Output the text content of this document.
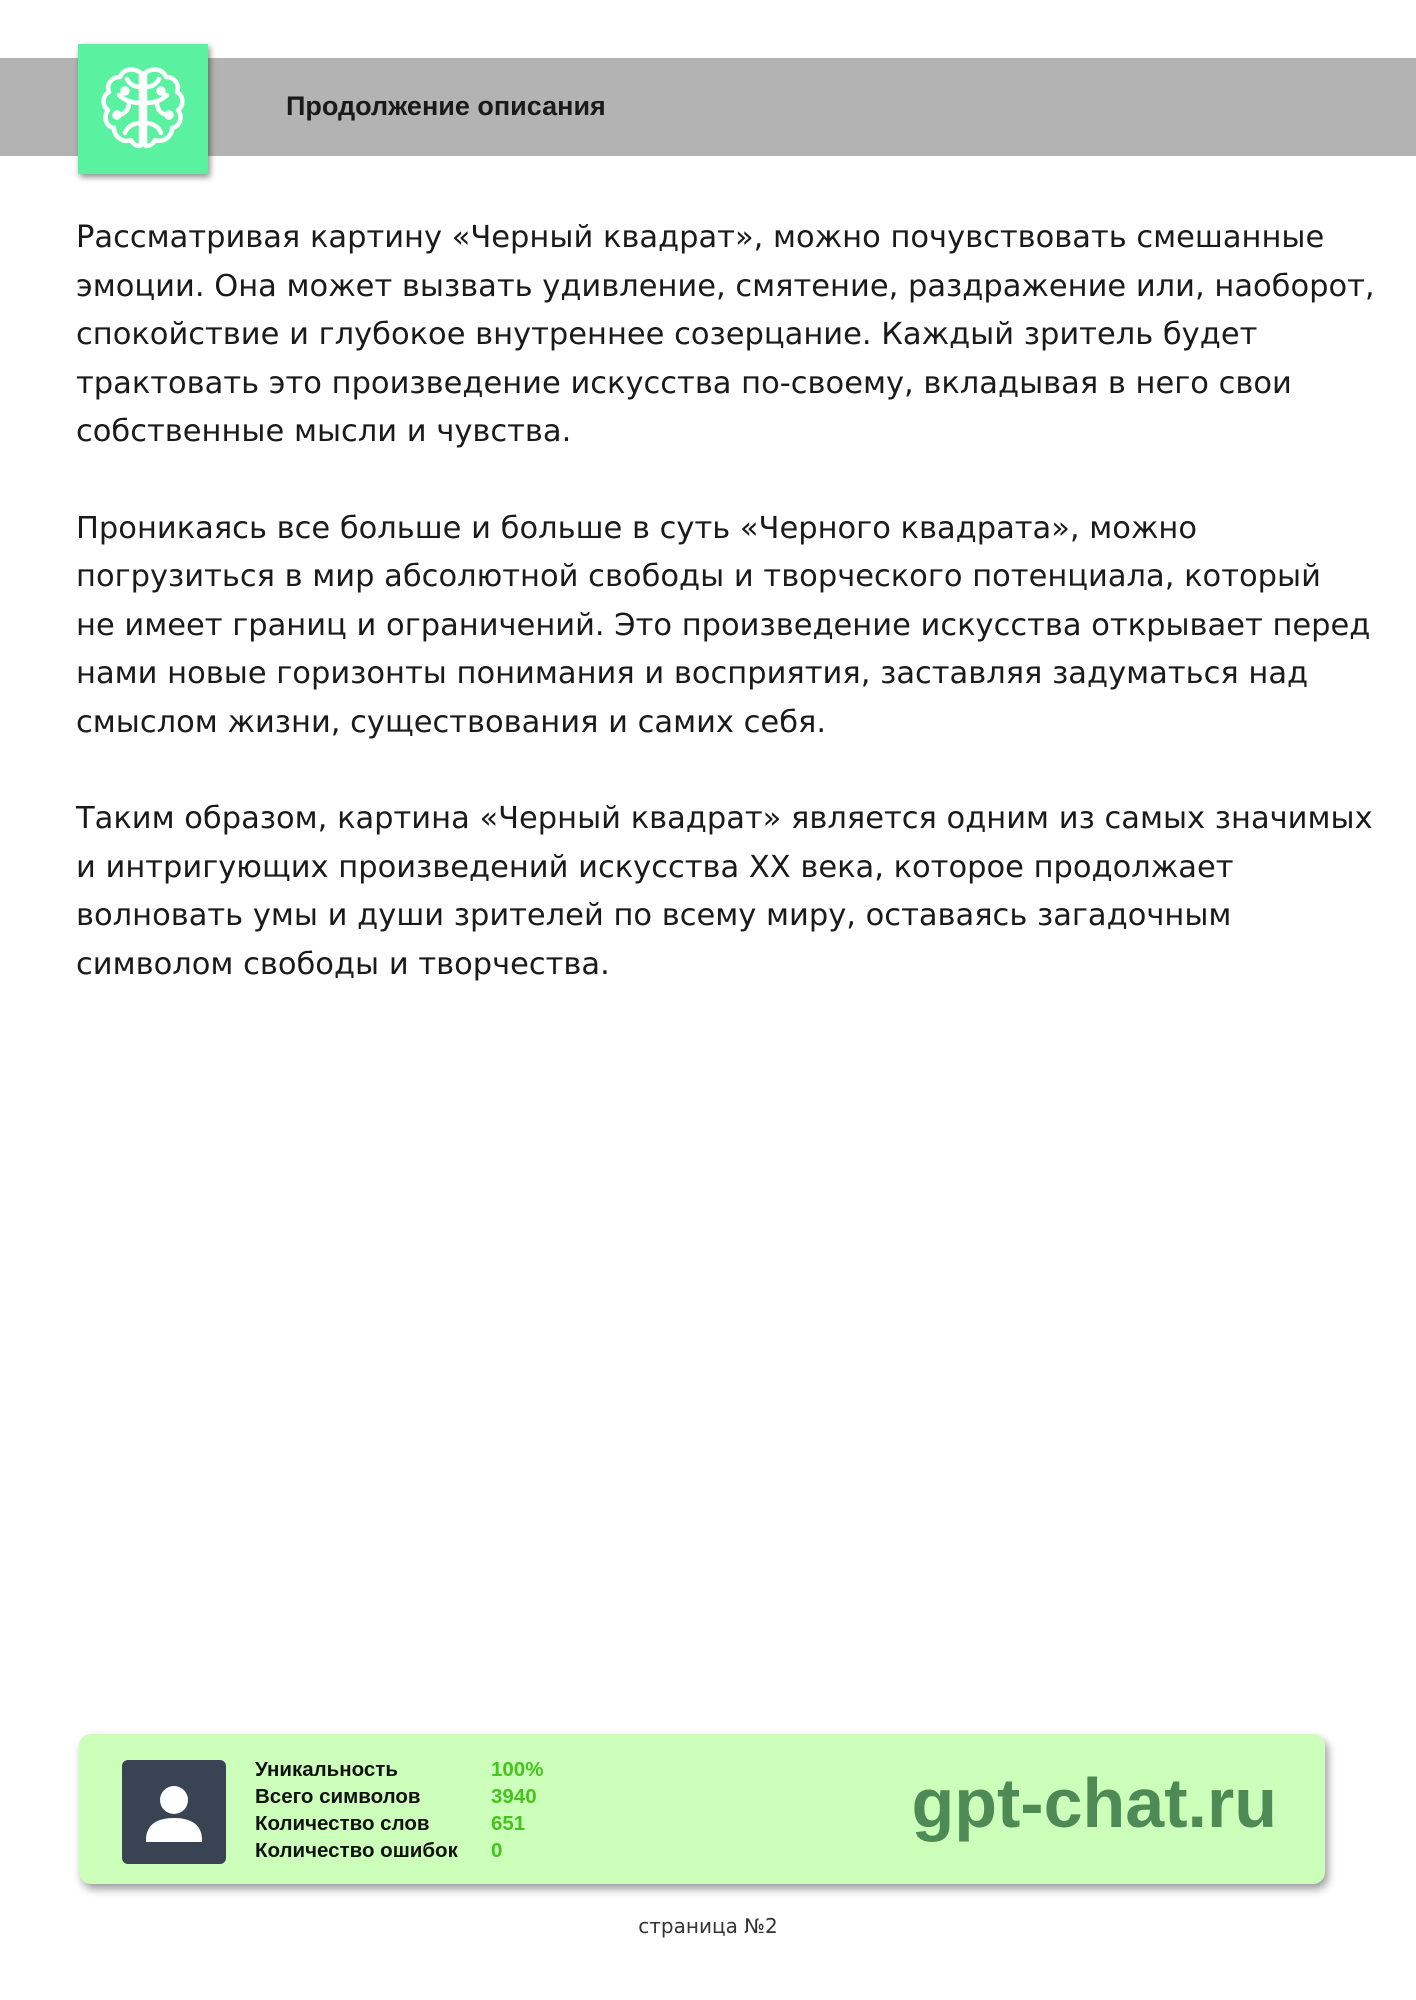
Продолжение описания

Рассматривая картину «Черный квадрат», можно почувствовать смешанные
эмоции. Она может вызвать удивление, смятение, раздражение или, наоборот,
спокойствие и глубокое внутреннее созерцание. Каждый зритель будет
трактовать это произведение искусства по-своему, вкладывая в него свои
собственные мысли и чувства.

Проникаясь все больше и больше в суть «Черного квадрата», можно
погрузиться в мир абсолютной свободы и творческого потенциала, который
не имеет границ и ограничений. Это произведение искусства открывает перед
нами новые горизонты понимания и восприятия, заставляя задуматься над
смыслом жизни, существования и самих себя.

Таким образом, картина «Черный квадрат» является одним из самых значимых
и интригующих произведений искусства XX века, которое продолжает
волновать умы и души зрителей по всему миру, оставаясь загадочным
символом свободы и творчества.

Уникальность
Всего символов
Количество слов
Количество ошибок
100%
3940
651
0
gpt-chat.ru
страница №2
